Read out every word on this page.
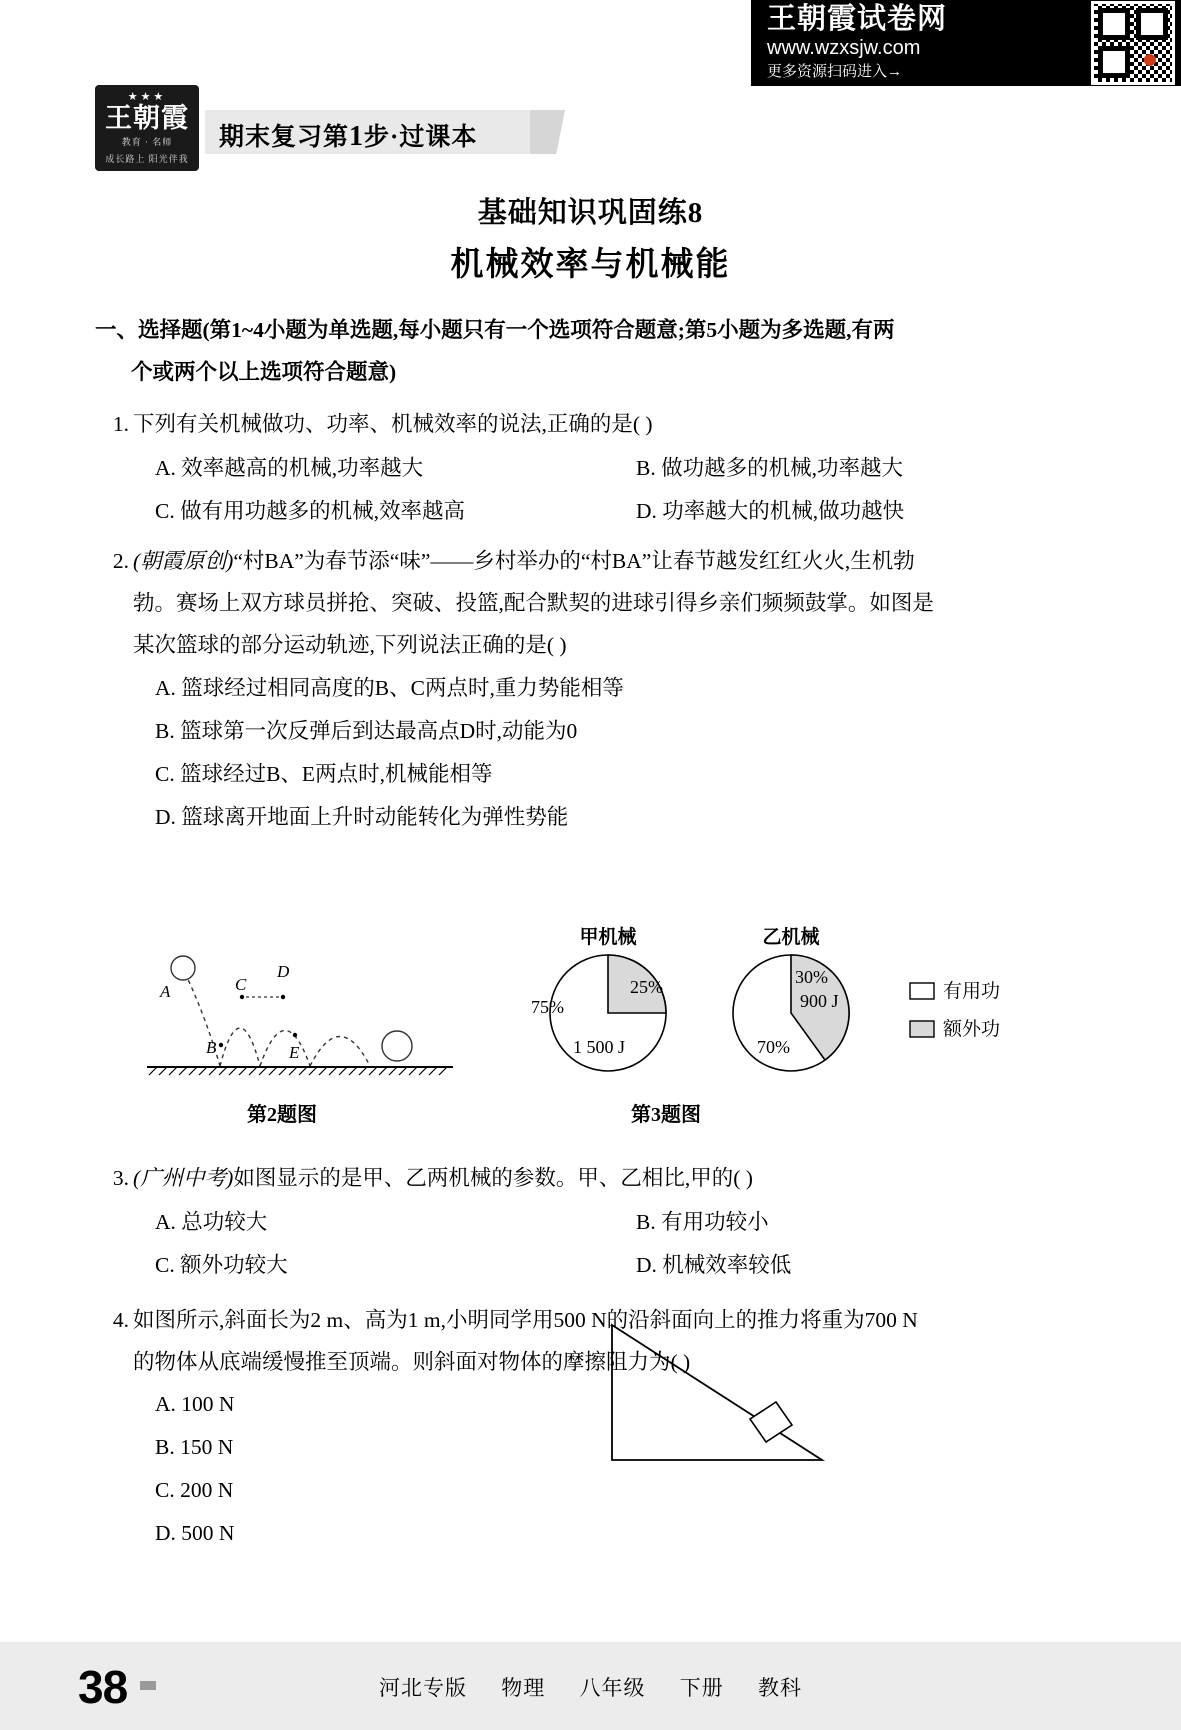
王朝霞试卷网
www.wzxsjw.com
更多资源扫码进入→
★★★
王朝霞
教育 · 名师
成长路上 阳光伴我
期末复习第1步·过课本
基础知识巩固练8
机械效率与机械能
一、选择题(第1~4小题为单选题,每小题只有一个选项符合题意;第5小题为多选题,有两
个或两个以上选项符合题意)
1. 下列有关机械做功、功率、机械效率的说法,正确的是( )

A. 效率越高的机械,功率越大	B. 做功越多的机械,功率越大
C. 做有用功越多的机械,效率越高	D. 功率越大的机械,做功越快
2. (朝霞原创)“村BA”为春节添“味”——乡村举办的“村BA”让春节越发红红火火,生机勃

勃。赛场上双方球员拼抢、突破、投篮,配合默契的进球引得乡亲们频频鼓掌。如图是

某次篮球的部分运动轨迹,下列说法正确的是( )

A. 篮球经过相同高度的B、C两点时,重力势能相等
B. 篮球第一次反弹后到达最高点D时,动能为0
C. 篮球经过B、E两点时,机械能相等
D. 篮球离开地面上升时动能转化为弹性势能
A
B
C
D
E
第2题图
甲机械
25%
75%
1 500 J
乙机械
30%
900 J
70%
有用功
额外功
第3题图
3. (广州中考)如图显示的是甲、乙两机械的参数。甲、乙相比,甲的( )

A. 总功较大	B. 有用功较小
C. 额外功较大	D. 机械效率较低
4. 如图所示,斜面长为2 m、高为1 m,小明同学用500 N的沿斜面向上的推力将重为700 N

的物体从底端缓慢推至顶端。则斜面对物体的摩擦阻力为( )

A. 100 N
B. 150 N
C. 200 N
D. 500 N
38	河北专版 物理 八年级 下册 教科
